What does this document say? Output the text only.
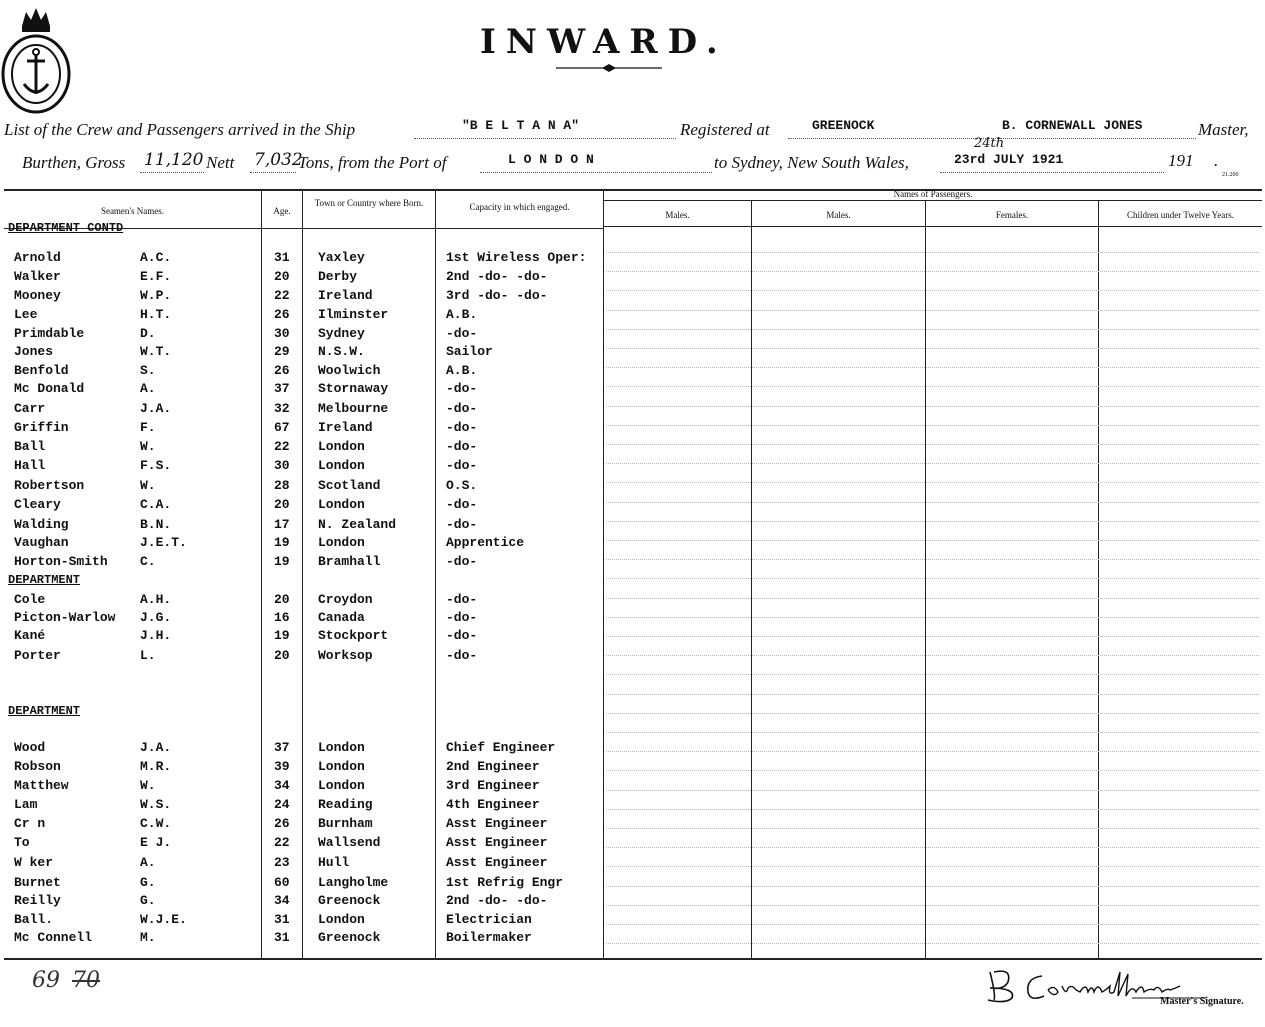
INWARD.
List of the Crew and Passengers arrived in the Ship	"B E L T A N A"	Registered at	GREENOCK	B. CORNEWALL JONES	Master,
Burthen, Gross 11,120 Nett 7,032
Tons, from the Port of	L O N D O N	to Sydney, New South Wales,
24th
23rd JULY 1921	191 .
21.200
Seamen's Names.	Age.
Town or Country where Born.	Capacity in which engaged.
Names of Passengers.
Males.	Males.	Females.	Children under Twelve Years.
DEPARTMENT CONTD
Arnold	A.C.	31 Yaxley	1st Wireless Oper:
Walker	E.F.	20 Derby	2nd -do- -do-
Mooney	W.P.	22 Ireland	3rd -do- -do-
Lee	H.T.	26 Ilminster	A.B.
Primdable	D.	30 Sydney	-do-
Jones	W.T.	29 N.S.W.	Sailor
Benfold	S.	26 Woolwich	A.B.
Mc Donald	A.	37 Stornaway	-do-
Carr	J.A.	32 Melbourne	-do-
Griffin	F.	67 Ireland	-do-
Ball	W.	22 London	-do-
Hall	F.S.	30 London	-do-
Robertson	W.	28 Scotland	O.S.
Cleary	C.A.	20 London	-do-
Walding	B.N.	17 N. Zealand	-do-
Vaughan	J.E.T.	19 London	Apprentice
Horton-Smith C.	19 Bramhall	-do-
DEPARTMENT
Cole	A.H.	20 Croydon	-do-
Picton-Warlow J.G.	16 Canada	-do-
Kané	J.H.	19 Stockport	-do-
Porter	L.	20 Worksop	-do-
DEPARTMENT
Wood	J.A.	37 London	Chief Engineer
Robson	M.R.	39 London	2nd Engineer
Matthew	W.	34 London	3rd Engineer
Lam	W.S.	24 Reading	4th Engineer
Cr n	C.W.	26 Burnham	Asst Engineer
To	E J.	22 Wallsend	Asst Engineer
W ker	A.	23 Hull	Asst Engineer
Burnet	G.	60 Langholme	1st Refrig Engr
Reilly	G.	34 Greenock	2nd -do- -do-
Ball.	W.J.E.	31 London	Electrician
Mc Connell	M.	31 Greenock	Boilermaker
69 70
Master's Signature.
